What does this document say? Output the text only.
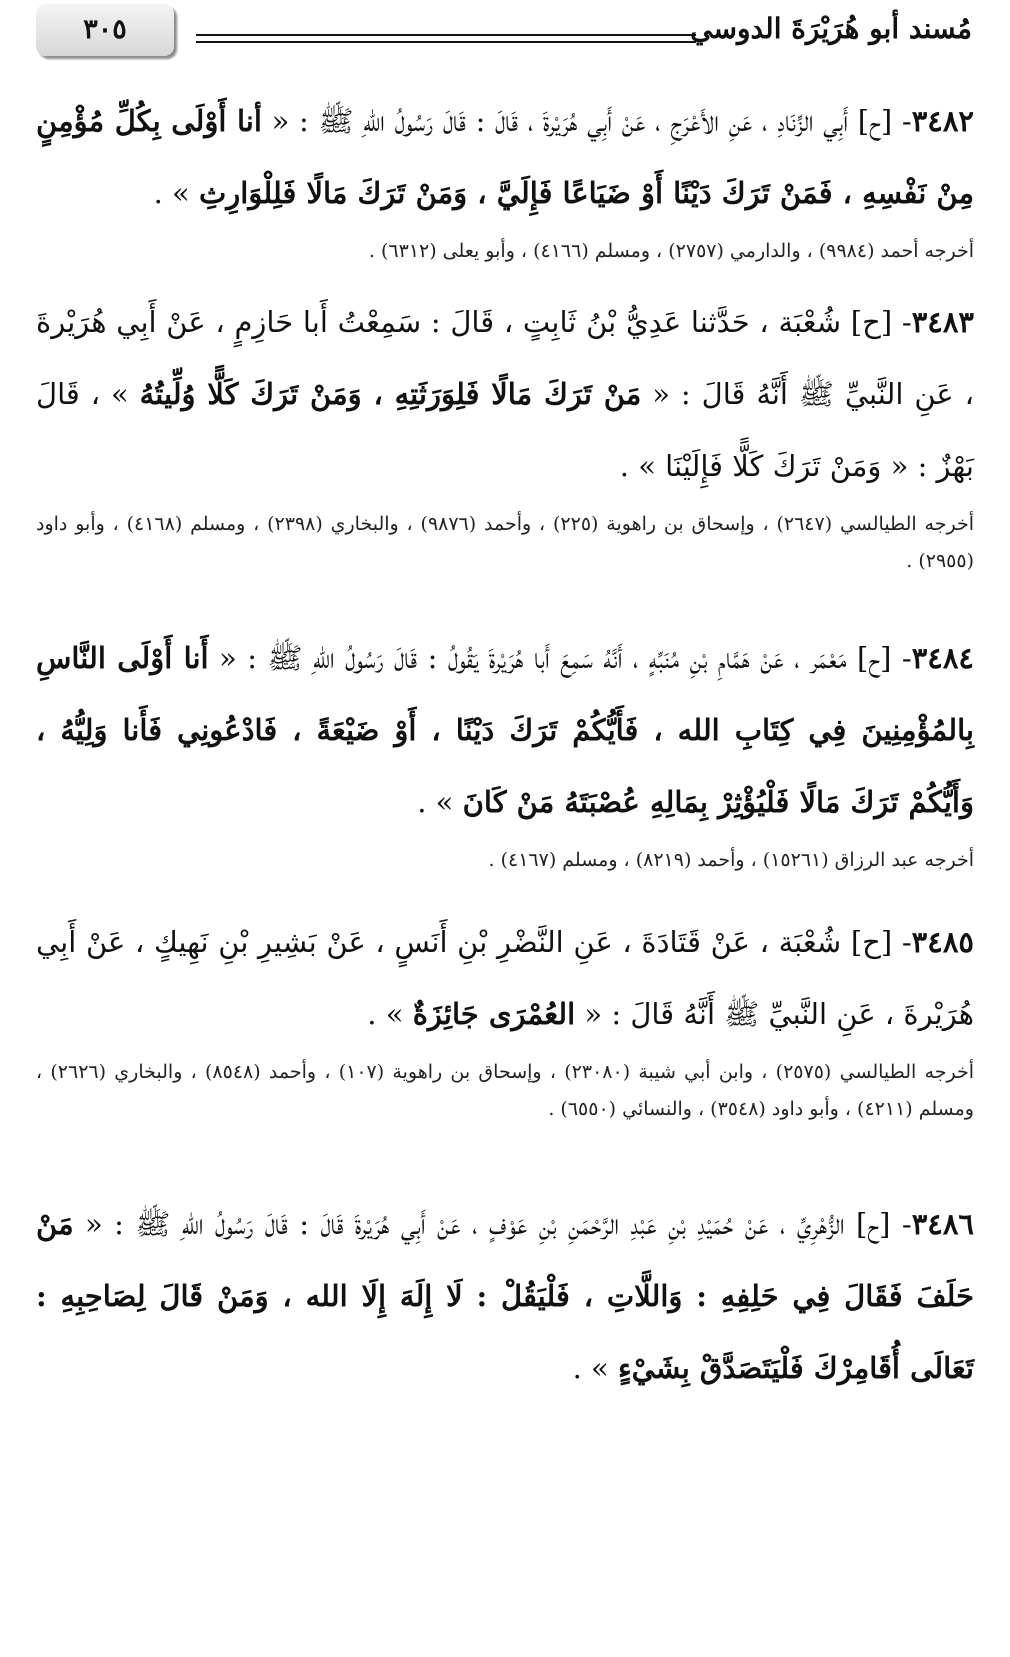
مُسند أبو هُرَيْرَةَ الدوسي
٣٠٥

٣٤٨٢- [ح] أَبِي الزِّنَادِ ، عَنِ الأَعْرَجِ ، عَنْ أَبِي هُرَيْرةَ ، قَالَ : قَالَ رَسُولُ اللهِ ﷺ : « أنا أَوْلَى بِكُلِّ مُؤْمِنٍ مِنْ نَفْسِهِ ، فَمَنْ تَرَكَ دَيْنًا أَوْ ضَيَاعًا فَإِلَيَّ ، وَمَنْ تَرَكَ مَالًا فَلِلْوَارِثِ » .

أخرجه أحمد (٩٩٨٤) ، والدارمي (٢٧٥٧) ، ومسلم (٤١٦٦) ، وأبو يعلى (٦٣١٢) .

٣٤٨٣- [ح] شُعْبَة ، حَدَّثنا عَدِيُّ بْنُ ثَابِتٍ ، قَالَ : سَمِعْتُ أَبا حَازِمٍ ، عَنْ أَبِي هُرَيْرةَ ، عَنِ النَّبيِّ ﷺ أَنَّهُ قَالَ : « مَنْ تَرَكَ مَالًا فَلِوَرَثَتِهِ ، وَمَنْ تَرَكَ كَلًّا وُلِّيتُهُ » ، قَالَ بَهْزٌ : « وَمَنْ تَرَكَ كَلًّا فَإِلَيْنَا » .

أخرجه الطيالسي (٢٦٤٧) ، وإسحاق بن راهوية (٢٢٥) ، وأحمد (٩٨٧٦) ، والبخاري (٢٣٩٨) ، ومسلم (٤١٦٨) ، وأبو داود (٢٩٥٥) .

٣٤٨٤- [ح] مَعْمَر ، عَنْ هَمَّامِ بْنِ مُنَبِّهٍ ، أَنَّهُ سَمِعَ أَبا هُرَيْرةَ يَقُولُ : قَالَ رَسُولُ اللهِ ﷺ : « أَنا أَوْلَى النَّاسِ بِالمُؤْمِنِينَ فِي كِتَابِ الله ، فَأَيُّكُمْ تَرَكَ دَيْنًا ، أَوْ ضَيْعَةً ، فَادْعُونِي فَأَنا وَلِيُّهُ ، وَأَيُّكُمْ تَرَكَ مَالًا فَلْيُؤْثِرْ بِمَالِهِ عُصْبَتَهُ مَنْ كَانَ » .

أخرجه عبد الرزاق (١٥٢٦١) ، وأحمد (٨٢١٩) ، ومسلم (٤١٦٧) .

٣٤٨٥- [ح] شُعْبَة ، عَنْ قَتَادَةَ ، عَنِ النَّضْرِ بْنِ أَنَسٍ ، عَنْ بَشِيرِ بْنِ نَهِيكٍ ، عَنْ أَبِي هُرَيْرةَ ، عَنِ النَّبيِّ ﷺ أَنَّهُ قَالَ : « العُمْرَى جَائِزَةٌ » .

أخرجه الطيالسي (٢٥٧٥) ، وابن أبي شيبة (٢٣٠٨٠) ، وإسحاق بن راهوية (١٠٧) ، وأحمد (٨٥٤٨) ، والبخاري (٢٦٢٦) ، ومسلم (٤٢١١) ، وأبو داود (٣٥٤٨) ، والنسائي (٦٥٥٠) .

٣٤٨٦- [ح] الزُّهْرِيِّ ، عَنْ حُمَيْدِ بْنِ عَبْدِ الرَّحْمَنِ بْنِ عَوْفٍ ، عَنْ أَبِي هُرَيْرةَ قَالَ : قَالَ رَسُولُ اللهِ ﷺ : « مَنْ حَلَفَ فَقَالَ فِي حَلِفِهِ : وَاللَّاتِ ، فَلْيَقُلْ : لَا إِلَهَ إِلَا الله ، وَمَنْ قَالَ لِصَاحِبِهِ : تَعَالَى أُقَامِرْكَ فَلْيَتَصَدَّقْ بِشَيْءٍ » .
